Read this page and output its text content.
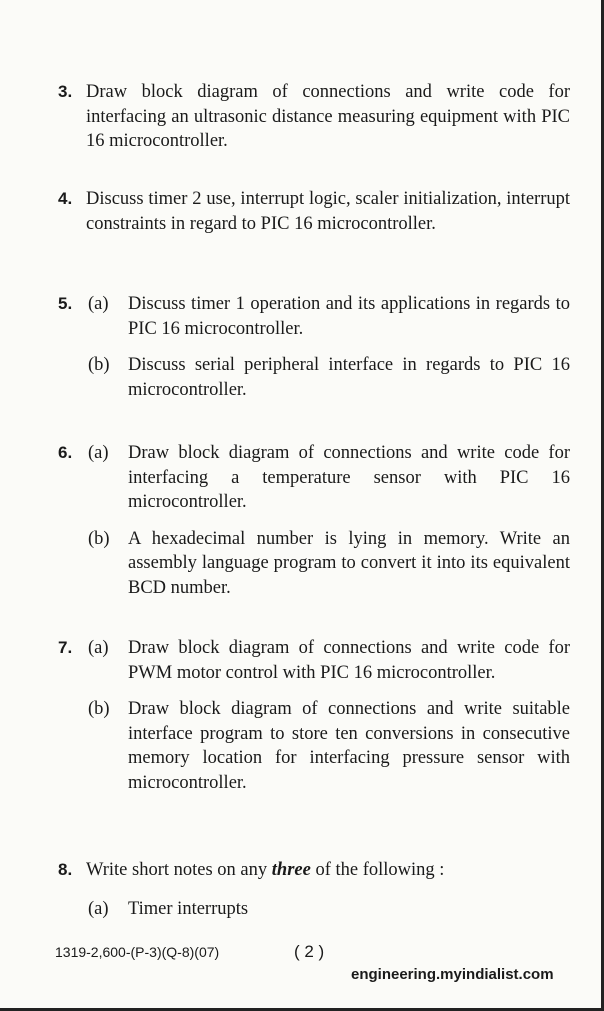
3. Draw block diagram of connections and write code for interfacing an ultrasonic distance measuring equipment with PIC 16 microcontroller.
4. Discuss timer 2 use, interrupt logic, scaler initialization, interrupt constraints in regard to PIC 16 microcontroller.
5. (a) Discuss timer 1 operation and its applications in regards to PIC 16 microcontroller.
(b) Discuss serial peripheral interface in regards to PIC 16 microcontroller.
6. (a) Draw block diagram of connections and write code for interfacing a temperature sensor with PIC 16 microcontroller.
(b) A hexadecimal number is lying in memory. Write an assembly language program to convert it into its equivalent BCD number.
7. (a) Draw block diagram of connections and write code for PWM motor control with PIC 16 microcontroller.
(b) Draw block diagram of connections and write suitable interface program to store ten conversions in consecutive memory location for interfacing pressure sensor with microcontroller.
8. Write short notes on any three of the following :
(a) Timer interrupts
1319-2,600-(P-3)(Q-8)(07)	( 2 )
engineering.myindialist.com
